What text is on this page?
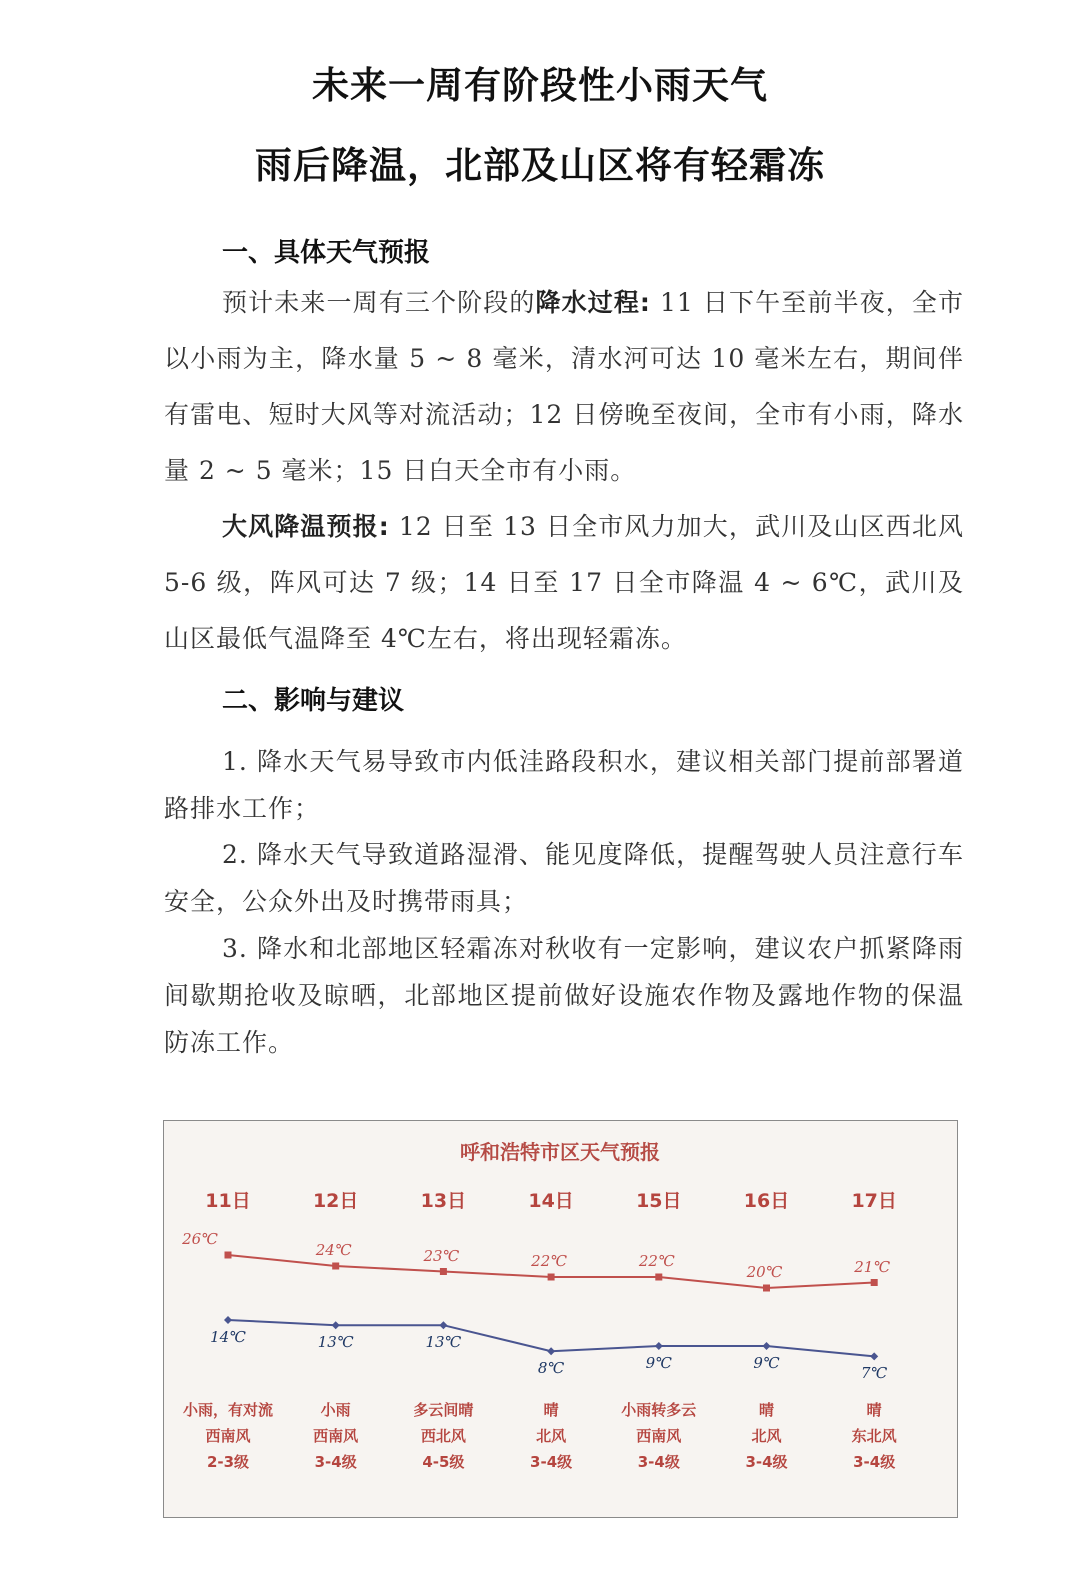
未来一周有阶段性小雨天气
雨后降温，北部及山区将有轻霜冻
一、具体天气预报

预计未来一周有三个阶段的降水过程: 11 日下午至前半夜，全市以小雨为主，降水量 5 ~ 8 毫米，清水河可达 10 毫米左右，期间伴有雷电、短时大风等对流活动；12 日傍晚至夜间，全市有小雨，降水量 2 ~ 5 毫米；15 日白天全市有小雨。

大风降温预报: 12 日至 13 日全市风力加大，武川及山区西北风 5-6 级，阵风可达 7 级；14 日至 17 日全市降温 4 ~ 6℃，武川及山区最低气温降至 4℃左右，将出现轻霜冻。

二、影响与建议

1. 降水天气易导致市内低洼路段积水，建议相关部门提前部署道路排水工作；

2. 降水天气导致道路湿滑、能见度降低，提醒驾驶人员注意行车安全，公众外出及时携带雨具；

3. 降水和北部地区轻霜冻对秋收有一定影响，建议农户抓紧降雨间歇期抢收及晾晒，北部地区提前做好设施农作物及露地作物的保温防冻工作。

呼和浩特市区天气预报
11日
26℃
14℃
小雨，有对流
西南风
2-3级
12日
24℃
13℃
小雨
西南风
3-4级
13日
23℃
13℃
多云间晴
西北风
4-5级
14日
22℃
8℃
晴
北风
3-4级
15日
22℃
9℃
小雨转多云
西南风
3-4级
16日
20℃
9℃
晴
北风
3-4级
17日
21℃
7℃
晴
东北风
3-4级
